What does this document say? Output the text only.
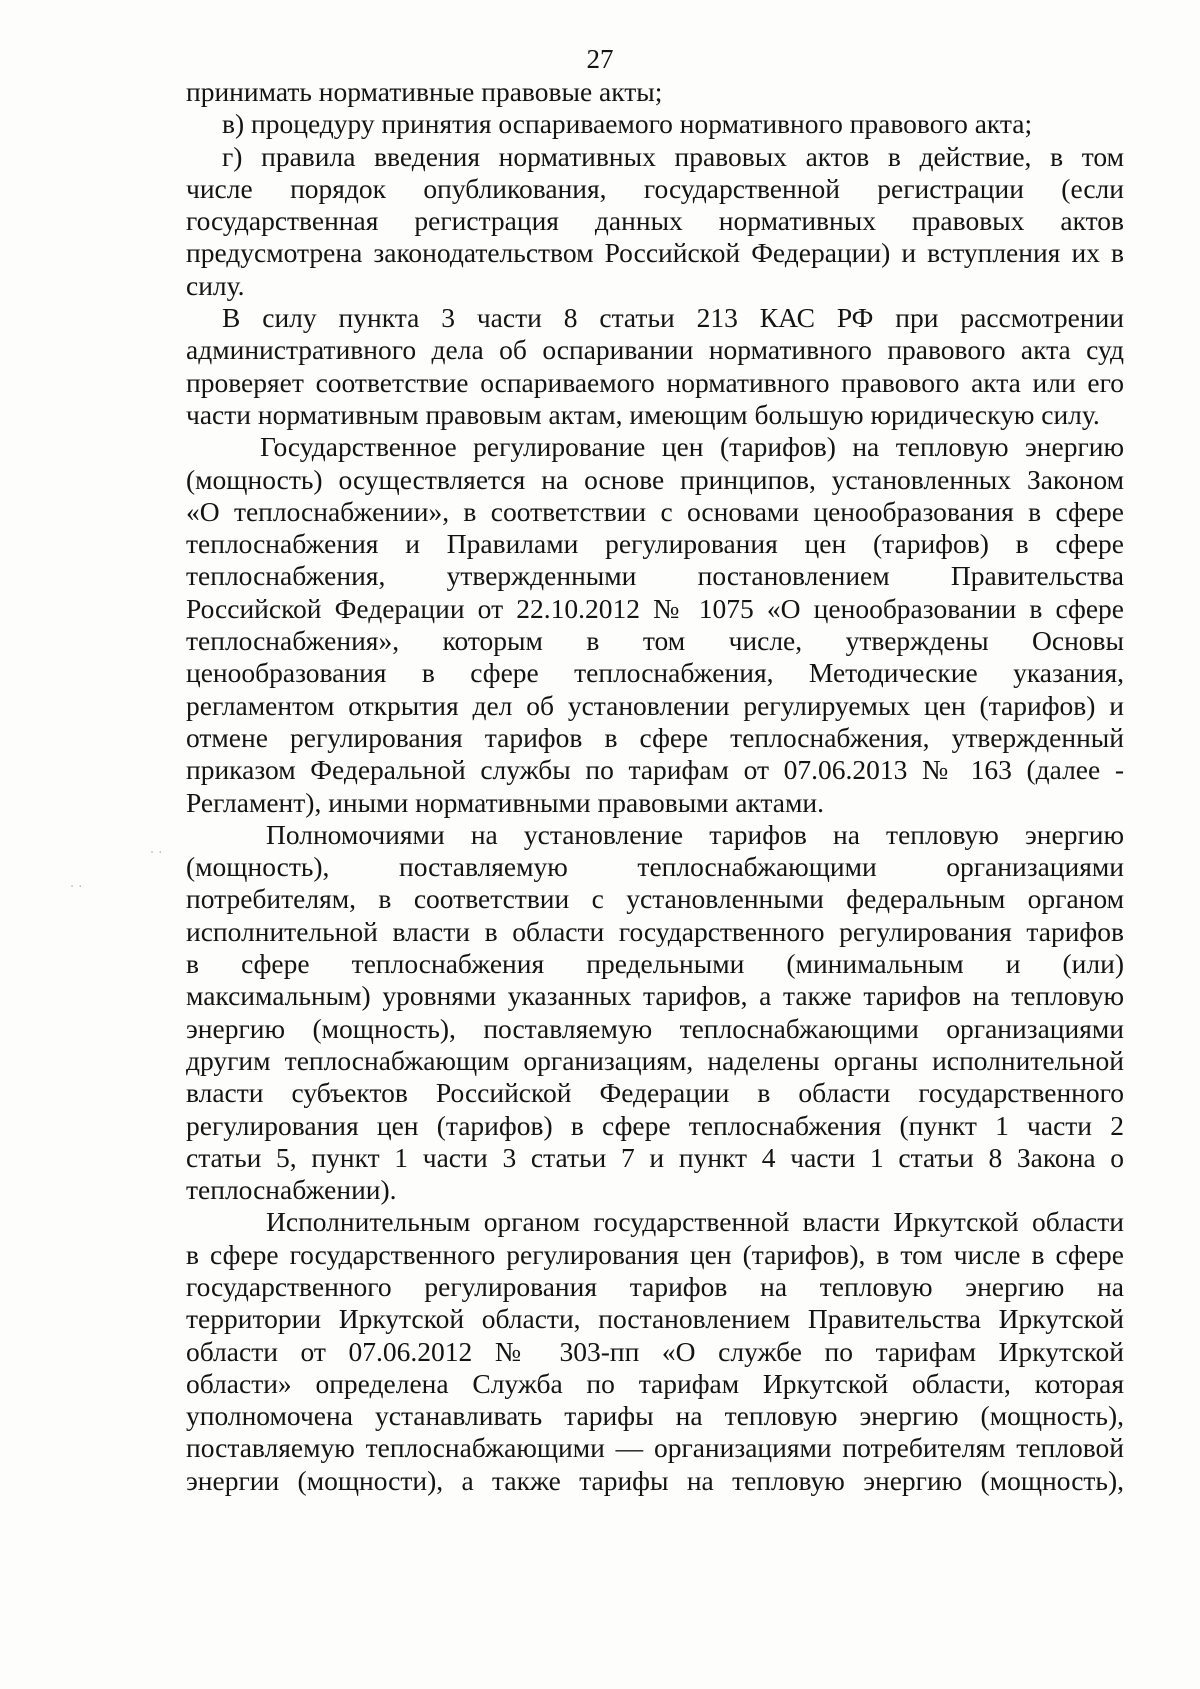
27
принимать нормативные правовые акты;
в) процедуру принятия оспариваемого нормативного правового акта;
г) правила введения нормативных правовых актов в действие, в том
числе порядок опубликования, государственной регистрации (если
государственная регистрация данных нормативных правовых актов
предусмотрена законодательством Российской Федерации) и вступления их в
силу.
В силу пункта 3 части 8 статьи 213 КАС РФ при рассмотрении
административного дела об оспаривании нормативного правового акта суд
проверяет соответствие оспариваемого нормативного правового акта или его
части нормативным правовым актам, имеющим большую юридическую силу.
Государственное регулирование цен (тарифов) на тепловую энергию
(мощность) осуществляется на основе принципов, установленных Законом
«О теплоснабжении», в соответствии с основами ценообразования в сфере
теплоснабжения и Правилами регулирования цен (тарифов) в сфере
теплоснабжения, утвержденными постановлением Правительства
Российской Федерации от 22.10.2012 № 1075 «О ценообразовании в сфере
теплоснабжения», которым в том числе, утверждены Основы
ценообразования в сфере теплоснабжения, Методические указания,
регламентом открытия дел об установлении регулируемых цен (тарифов) и
отмене регулирования тарифов в сфере теплоснабжения, утвержденный
приказом Федеральной службы по тарифам от 07.06.2013 № 163 (далее -
Регламент), иными нормативными правовыми актами.
Полномочиями на установление тарифов на тепловую энергию
(мощность), поставляемую теплоснабжающими организациями
потребителям, в соответствии с установленными федеральным органом
исполнительной власти в области государственного регулирования тарифов
в сфере теплоснабжения предельными (минимальным и (или)
максимальным) уровнями указанных тарифов, а также тарифов на тепловую
энергию (мощность), поставляемую теплоснабжающими организациями
другим теплоснабжающим организациям, наделены органы исполнительной
власти субъектов Российской Федерации в области государственного
регулирования цен (тарифов) в сфере теплоснабжения (пункт 1 части 2
статьи 5, пункт 1 части 3 статьи 7 и пункт 4 части 1 статьи 8 Закона о
теплоснабжении).
Исполнительным органом государственной власти Иркутской области
в сфере государственного регулирования цен (тарифов), в том числе в сфере
государственного регулирования тарифов на тепловую энергию на
территории Иркутской области, постановлением Правительства Иркутской
области от 07.06.2012 № 303-пп «О службе по тарифам Иркутской
области» определена Служба по тарифам Иркутской области, которая
уполномочена устанавливать тарифы на тепловую энергию (мощность),
поставляемую теплоснабжающими — организациями потребителям тепловой
энергии (мощности), а также тарифы на тепловую энергию (мощность),
· ·
· ·
